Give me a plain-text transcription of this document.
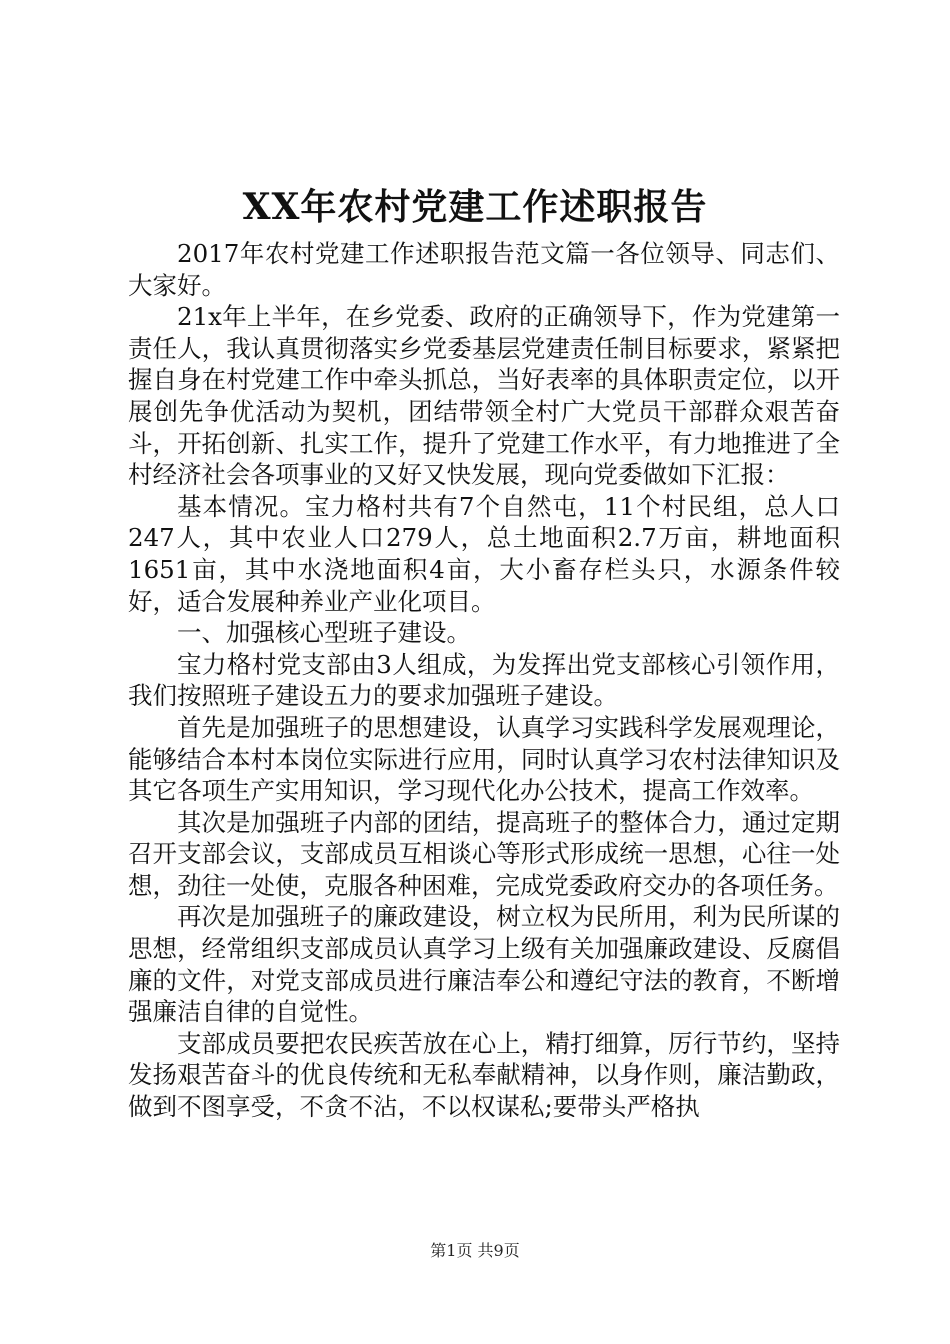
XX年农村党建工作述职报告

2017年农村党建工作述职报告范文篇一各位领导、同志们、大家好。

21x年上半年，在乡党委、政府的正确领导下，作为党建第一责任人，我认真贯彻落实乡党委基层党建责任制目标要求，紧紧把握自身在村党建工作中牵头抓总，当好表率的具体职责定位，以开展创先争优活动为契机，团结带领全村广大党员干部群众艰苦奋斗，开拓创新、扎实工作，提升了党建工作水平，有力地推进了全村经济社会各项事业的又好又快发展，现向党委做如下汇报：

基本情况。宝力格村共有7个自然屯，11个村民组，总人口247人，其中农业人口279人，总土地面积2.7万亩，耕地面积1651亩，其中水浇地面积4亩，大小畜存栏头只，水源条件较好，适合发展种养业产业化项目。

一、加强核心型班子建设。

宝力格村党支部由3人组成，为发挥出党支部核心引领作用，我们按照班子建设五力的要求加强班子建设。

首先是加强班子的思想建设，认真学习实践科学发展观理论，能够结合本村本岗位实际进行应用，同时认真学习农村法律知识及其它各项生产实用知识，学习现代化办公技术，提高工作效率。

其次是加强班子内部的团结，提高班子的整体合力，通过定期召开支部会议，支部成员互相谈心等形式形成统一思想，心往一处想，劲往一处使，克服各种困难，完成党委政府交办的各项任务。

再次是加强班子的廉政建设，树立权为民所用，利为民所谋的思想，经常组织支部成员认真学习上级有关加强廉政建设、反腐倡廉的文件，对党支部成员进行廉洁奉公和遵纪守法的教育，不断增强廉洁自律的自觉性。

支部成员要把农民疾苦放在心上，精打细算，厉行节约，坚持发扬艰苦奋斗的优良传统和无私奉献精神，以身作则，廉洁勤政，做到不图享受，不贪不沾，不以权谋私;要带头严格执

第1页 共9页
